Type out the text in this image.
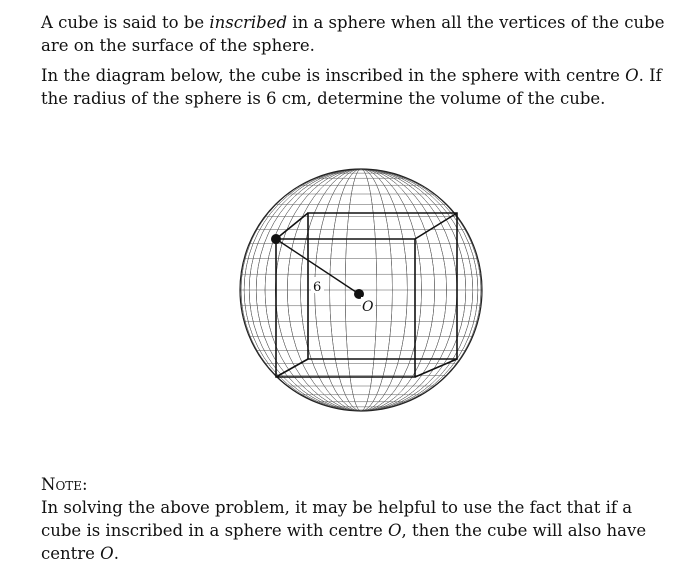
A cube is said to be inscribed in a sphere when all the vertices of the cube are on the surface of the sphere.

In the diagram below, the cube is inscribed in the sphere with centre O. If the radius of the sphere is 6 cm, determine the volume of the cube.

6
O

Note:

In solving the above problem, it may be helpful to use the fact that if a cube is inscribed in a sphere with centre O, then the cube will also have centre O.
